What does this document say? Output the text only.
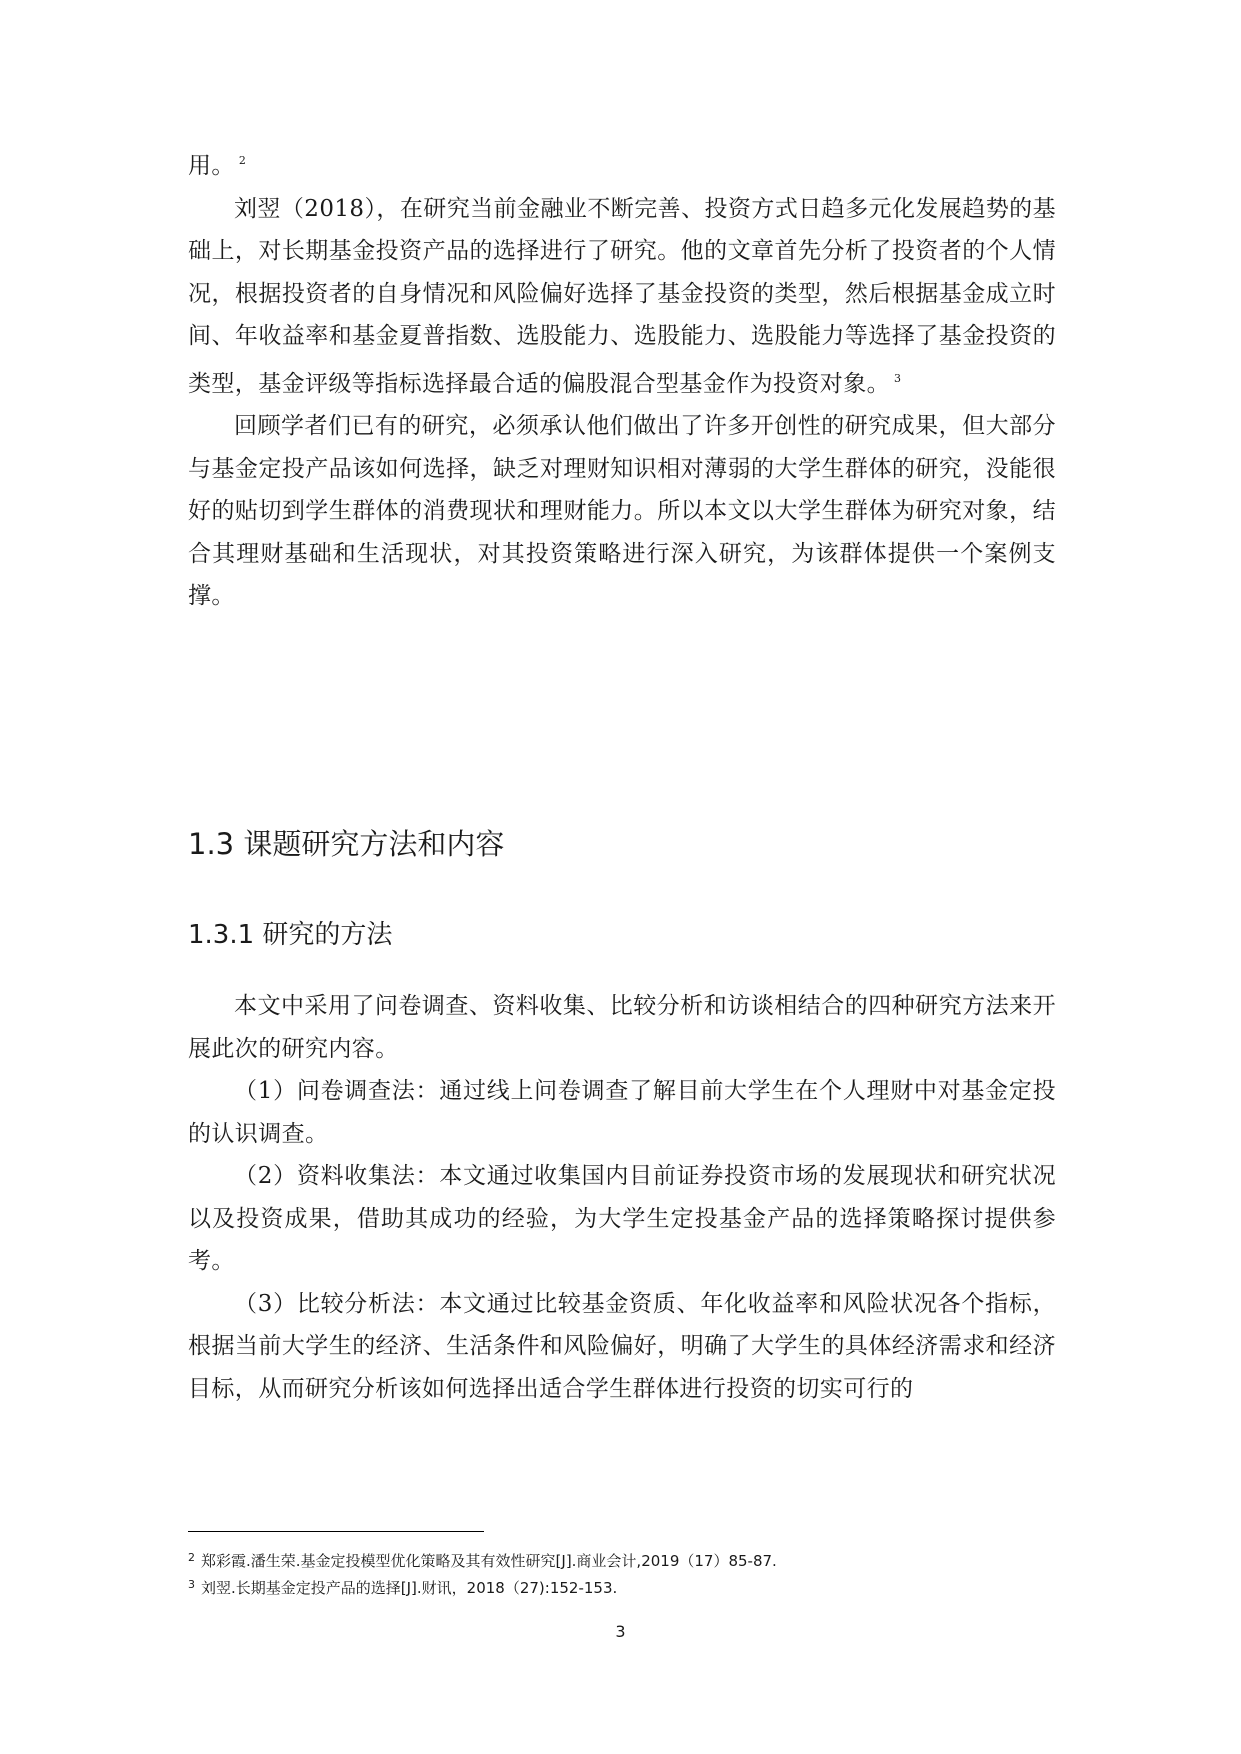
用。 $^2$

刘翌（2018），在研究当前金融业不断完善、投资方式日趋多元化发展趋势的基础上，对长期基金投资产品的选择进行了研究。他的文章首先分析了投资者的个人情况，根据投资者的自身情况和风险偏好选择了基金投资的类型，然后根据基金成立时间、年收益率和基金夏普指数、选股能力、选股能力、选股能力等选择了基金投资的类型，基金评级等指标选择最合适的偏股混合型基金作为投资对象。 $^3$

回顾学者们已有的研究，必须承认他们做出了许多开创性的研究成果，但大部分与基金定投产品该如何选择，缺乏对理财知识相对薄弱的大学生群体的研究，没能很好的贴切到学生群体的消费现状和理财能力。所以本文以大学生群体为研究对象，结合其理财基础和生活现状，对其投资策略进行深入研究，为该群体提供一个案例支撑。

1.3 课题研究方法和内容
1.3.1 研究的方法

本文中采用了问卷调查、资料收集、比较分析和访谈相结合的四种研究方法来开展此次的研究内容。

（1）问卷调查法：通过线上问卷调查了解目前大学生在个人理财中对基金定投的认识调查。

（2）资料收集法：本文通过收集国内目前证券投资市场的发展现状和研究状况以及投资成果，借助其成功的经验，为大学生定投基金产品的选择策略探讨提供参考。

（3）比较分析法：本文通过比较基金资质、年化收益率和风险状况各个指标，根据当前大学生的经济、生活条件和风险偏好，明确了大学生的具体经济需求和经济目标，从而研究分析该如何选择出适合学生群体进行投资的切实可行的

$^2$ 郑彩霞.潘生荣.基金定投模型优化策略及其有效性研究[J].商业会计,2019（17）85-87.
$^3$ 刘翌.长期基金定投产品的选择[J].财讯，2018（27):152-153.
3
